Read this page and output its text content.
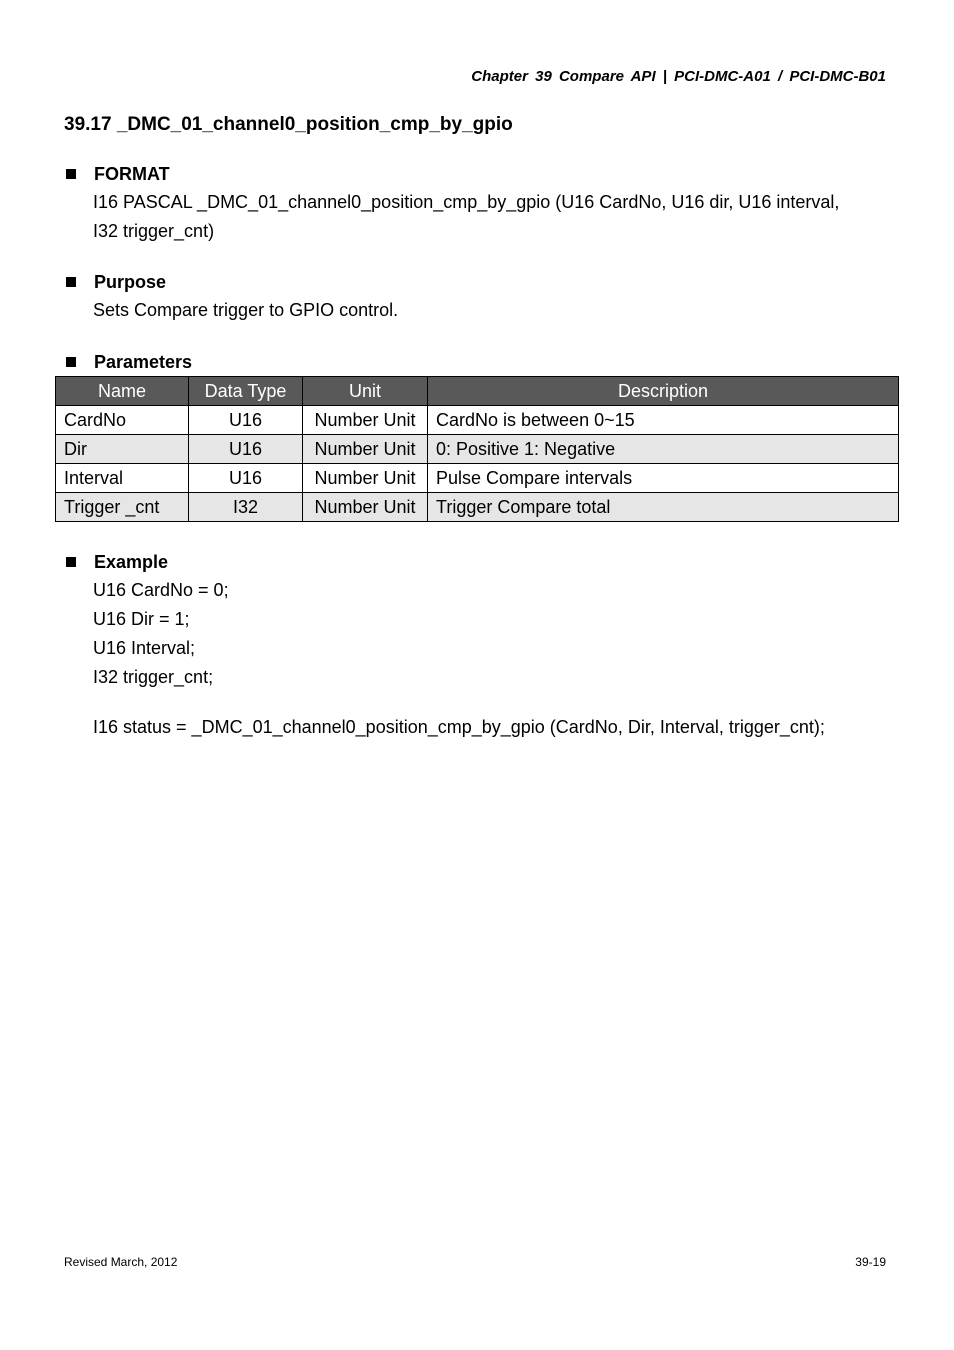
Chapter 39 Compare API | PCI-DMC-A01 / PCI-DMC-B01
39.17 _DMC_01_channel0_position_cmp_by_gpio
FORMAT
I16 PASCAL _DMC_01_channel0_position_cmp_by_gpio (U16 CardNo, U16 dir, U16 interval,
I32 trigger_cnt)
Purpose
Sets Compare trigger to GPIO control.
Parameters
Name	Data Type	Unit	Description
CardNo	U16	Number Unit	CardNo is between 0~15
Dir	U16	Number Unit	0: Positive 1: Negative
Interval	U16	Number Unit	Pulse Compare intervals
Trigger _cnt	I32	Number Unit	Trigger Compare total
Example
U16 CardNo = 0;
U16 Dir = 1;
U16 Interval;
I32 trigger_cnt;
I16 status = _DMC_01_channel0_position_cmp_by_gpio (CardNo, Dir, Interval, trigger_cnt);
Revised March, 2012	39-19
